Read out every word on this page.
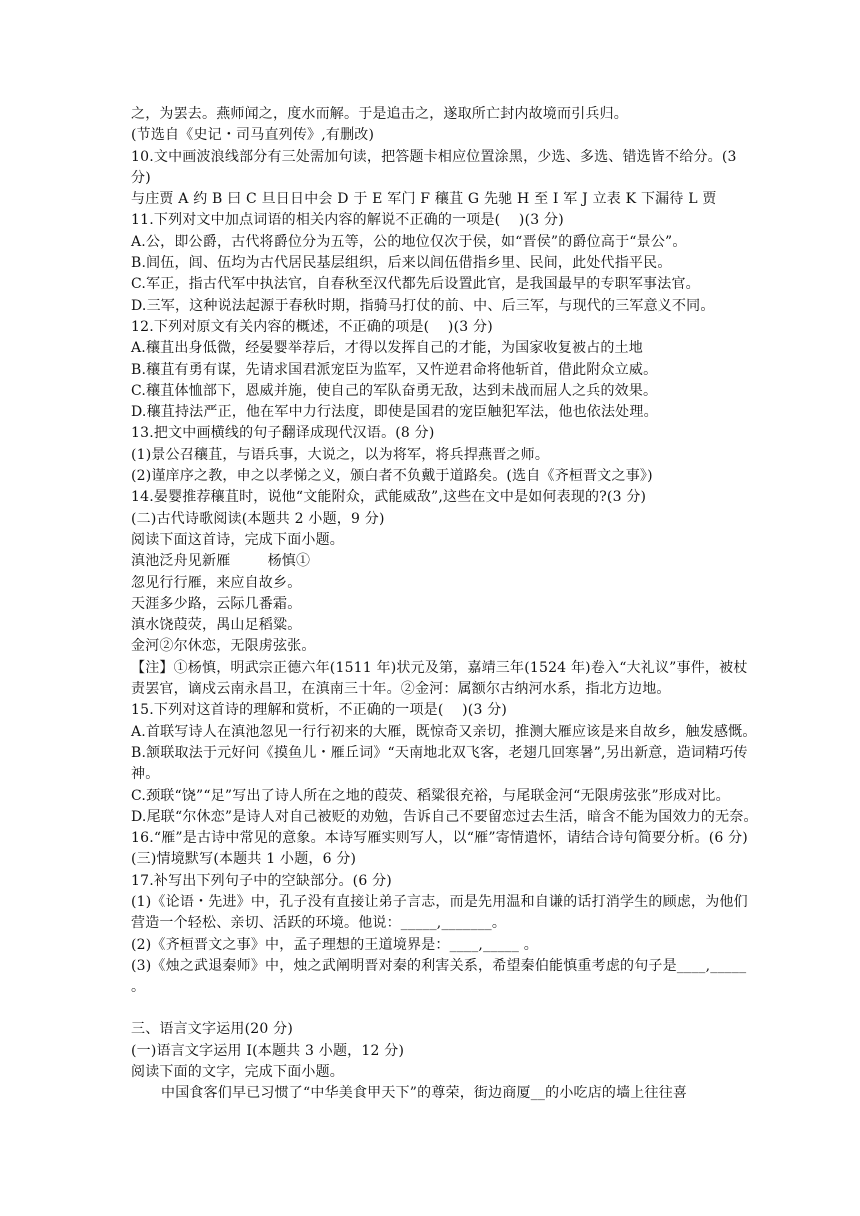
之，为罢去。燕师闻之，度水而解。于是追击之，遂取所亡封内故境而引兵归。
(节选自《史记・司马直列传》,有删改)
10.文中画波浪线部分有三处需加句读，把答题卡相应位置涂黑，少选、多选、错选皆不给分。(3 分)
与庄贾 A 约 B 曰 C 旦日日中会 D 于 E 军门 F 穰苴 G 先驰 H 至 I 军 J 立表 K 下漏待 L 贾
11.下列对文中加点词语的相关内容的解说不正确的一项是(    )(3 分)
A.公，即公爵，古代将爵位分为五等，公的地位仅次于侯，如“晋侯”的爵位高于“景公”。
B.闾伍，闾、伍均为古代居民基层组织，后来以闾伍借指乡里、民间，此处代指平民。
C.军正，指古代军中执法官，自春秋至汉代都先后设置此官，是我国最早的专职军事法官。
D.三军，这种说法起源于春秋时期，指骑马打仗的前、中、后三军，与现代的三军意义不同。
12.下列对原文有关内容的概述，不正确的项是(    )(3 分)
A.穰苴出身低微，经晏婴举荐后，才得以发挥自己的才能，为国家收复被占的土地
B.穰苴有勇有谋，先请求国君派宠臣为监军，又忤逆君命将他斩首，借此附众立威。
C.穰苴体恤部下，恩威并施，使自己的军队奋勇无敌，达到未战而屈人之兵的效果。
D.穰苴持法严正，他在军中力行法度，即使是国君的宠臣触犯军法，他也依法处理。
13.把文中画横线的句子翻译成现代汉语。(8 分)
(1)景公召穰苴，与语兵事，大说之，以为将军，将兵捍燕晋之师。
(2)谨庠序之教，申之以孝悌之义，颁白者不负戴于道路矣。(选自《齐桓晋文之事》)
14.晏婴推荐穰苴时，说他“文能附众，武能威敌”,这些在文中是如何表现的?(3 分)
(二)古代诗歌阅读(本题共 2 小题，9 分)
阅读下面这首诗，完成下面小题。
滇池泛舟见新雁        杨慎①
忽见行行雁，来应自故乡。
天涯多少路，云际几番霜。
滇水饶葭荧，禺山足稻粱。
金河②尔休恋，无限虏弦张。
【注】①杨慎，明武宗正德六年(1511 年)状元及第，嘉靖三年(1524 年)卷入“大礼议”事件，被杖责罢官，谪戍云南永昌卫，在滇南三十年。②金河：属额尔古纳河水系，指北方边地。
15.下列对这首诗的理解和赏析，不正确的一项是(    )(3 分)
A.首联写诗人在滇池忽见一行行初来的大雁，既惊奇又亲切，推测大雁应该是来自故乡，触发感慨。
B.颔联取法于元好问《摸鱼儿・雁丘词》“天南地北双飞客，老翅几回寒暑”,另出新意，造词精巧传神。
C.颈联“饶”“足”写出了诗人所在之地的葭荧、稻粱很充裕，与尾联金河“无限虏弦张”形成对比。
D.尾联“尔休恋”是诗人对自己被贬的劝勉，告诉自己不要留恋过去生活，暗含不能为国效力的无奈。
16.“雁”是古诗中常见的意象。本诗写雁实则写人，以“雁”寄情遣怀，请结合诗句简要分析。(6 分)
(三)情境默写(本题共 1 小题，6 分)
17.补写出下列句子中的空缺部分。(6 分)
(1)《论语・先进》中，孔子没有直接让弟子言志，而是先用温和自谦的话打消学生的顾虑，为他们营造一个轻松、亲切、活跃的环境。他说：_____,_______。
(2)《齐桓晋文之事》中，孟子理想的王道境界是：____,_____ 。
(3)《烛之武退秦师》中，烛之武阐明晋对秦的利害关系，希望秦伯能慎重考虑的句子是____,_____ 。
三、语言文字运用(20 分)
(一)语言文字运用 I(本题共 3 小题，12 分)
阅读下面的文字，完成下面小题。
中国食客们早已习惯了“中华美食甲天下”的尊荣，街边商厦__的小吃店的墙上往往喜
